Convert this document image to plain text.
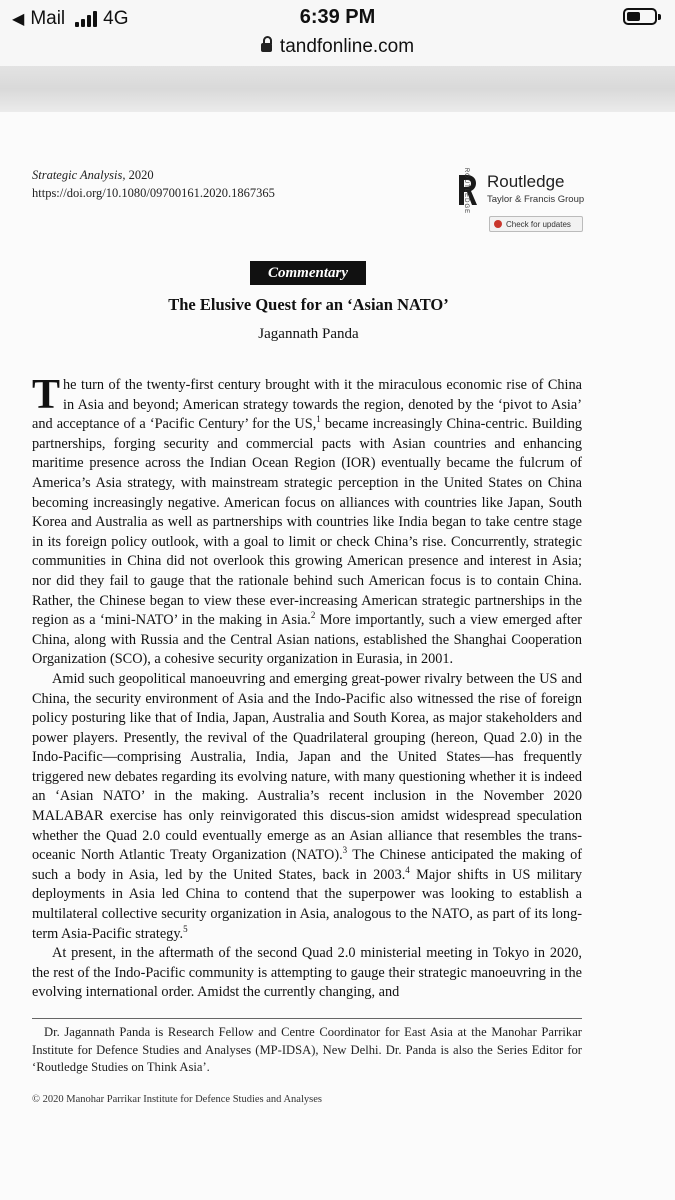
◀ Mail 4G	6:39 PM
tandfonline.com
Strategic Analysis, 2020
https://doi.org/10.1080/09700161.2020.1867365	ROUTLEDGE Routledge
Taylor & Francis Group
Check for updates
Commentary
The Elusive Quest for an ‘Asian NATO’
Jagannath Panda

The turn of the twenty-first century brought with it the miraculous economic rise of China in Asia and beyond; American strategy towards the region, denoted by the ‘pivot to Asia’ and acceptance of a ‘Pacific Century’ for the US,$^1$ became increasingly China-centric. Building partnerships, forging security and commercial pacts with Asian countries and enhancing maritime presence across the Indian Ocean Region (IOR) eventually became the fulcrum of America’s Asia strategy, with mainstream strategic perception in the United States on China becoming increasingly negative. American focus on alliances with countries like Japan, South Korea and Australia as well as partnerships with countries like India began to take centre stage in its foreign policy outlook, with a goal to limit or check China’s rise. Concurrently, strategic communities in China did not overlook this growing American presence and interest in Asia; nor did they fail to gauge that the rationale behind such American focus is to contain China. Rather, the Chinese began to view these ever-increasing American strategic partnerships in the region as a ‘mini-NATO’ in the making in Asia.$^2$ More importantly, such a view emerged after China, along with Russia and the Central Asian nations, established the Shanghai Cooperation Organization (SCO), a cohesive security organization in Eurasia, in 2001.

Amid such geopolitical manoeuvring and emerging great-power rivalry between the US and China, the security environment of Asia and the Indo-Pacific also witnessed the rise of foreign policy posturing like that of India, Japan, Australia and South Korea, as major stakeholders and power players. Presently, the revival of the Quadrilateral grouping (hereon, Quad 2.0) in the Indo-Pacific—comprising Australia, India, Japan and the United States—has frequently triggered new debates regarding its evolving nature, with many questioning whether it is indeed an ‘Asian NATO’ in the making. Australia’s recent inclusion in the November 2020 MALABAR exercise has only reinvigorated this discus-sion amidst widespread speculation whether the Quad 2.0 could eventually emerge as an Asian alliance that resembles the trans-oceanic North Atlantic Treaty Organization (NATO).$^3$ The Chinese anticipated the making of such a body in Asia, led by the United States, back in 2003.$^4$ Major shifts in US military deployments in Asia led China to contend that the superpower was looking to establish a multilateral collective security organization in Asia, analogous to the NATO, as part of its long-term Asia-Pacific strategy.$^5$

At present, in the aftermath of the second Quad 2.0 ministerial meeting in Tokyo in 2020, the rest of the Indo-Pacific community is attempting to gauge their strategic manoeuvring in the evolving international order. Amidst the currently changing, and

Dr. Jagannath Panda is Research Fellow and Centre Coordinator for East Asia at the Manohar Parrikar Institute for Defence Studies and Analyses (MP-IDSA), New Delhi. Dr. Panda is also the Series Editor for ‘Routledge Studies on Think Asia’.
© 2020 Manohar Parrikar Institute for Defence Studies and Analyses
